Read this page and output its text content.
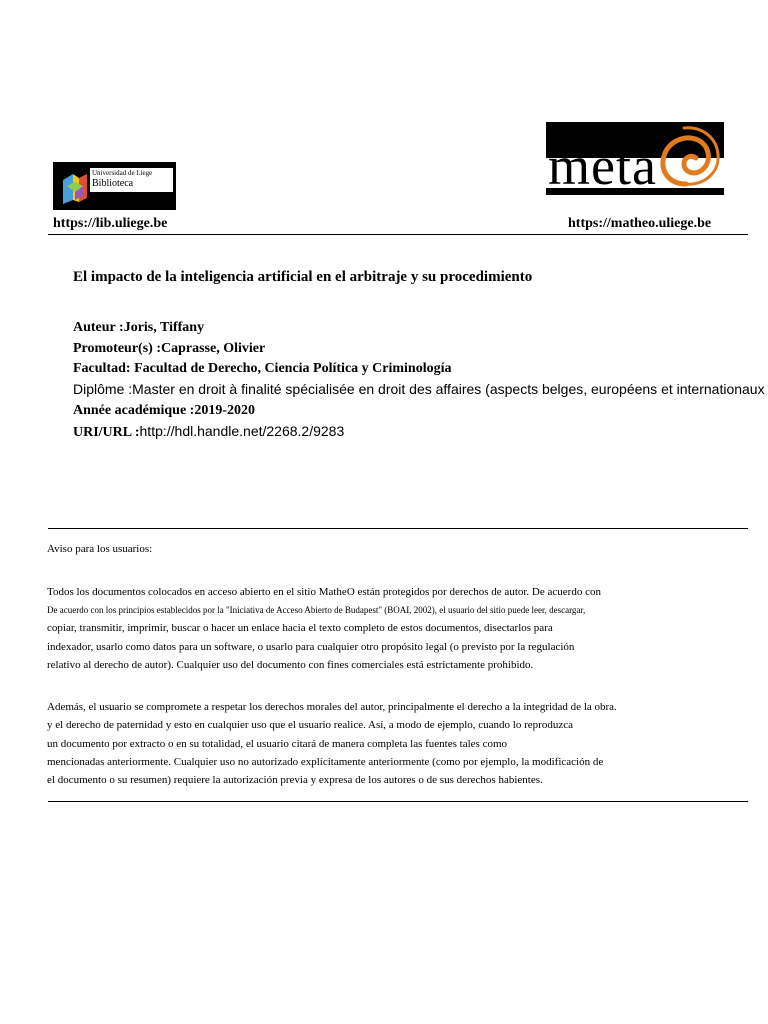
Universidad de Liege
Biblioteca	meta
https://lib.uliege.be	https://matheo.uliege.be
El impacto de la inteligencia artificial en el arbitraje y su procedimiento
Auteur :Joris, Tiffany
Promoteur(s) :Caprasse, Olivier
Facultad: Facultad de Derecho, Ciencia Política y Criminología
Diplôme :Master en droit à finalité spécialisée en droit des affaires (aspects belges, européens et internationaux
Année académique :2019-2020
URI/URL :http://hdl.handle.net/2268.2/9283
Aviso para los usuarios:
Todos los documentos colocados en acceso abierto en el sitio MatheO están protegidos por derechos de autor. De acuerdo con
De acuerdo con los principios establecidos por la "Iniciativa de Acceso Abierto de Budapest" (BOAI, 2002), el usuario del sitio puede leer, descargar,
copiar, transmitir, imprimir, buscar o hacer un enlace hacia el texto completo de estos documentos, disectarlos para
indexador, usarlo como datos para un software, o usarlo para cualquier otro propósito legal (o previsto por la regulación
relativo al derecho de autor). Cualquier uso del documento con fines comerciales está estrictamente prohibido.
Además, el usuario se compromete a respetar los derechos morales del autor, principalmente el derecho a la integridad de la obra.
y el derecho de paternidad y esto en cualquier uso que el usuario realice. Así, a modo de ejemplo, cuando lo reproduzca
un documento por extracto o en su totalidad, el usuario citará de manera completa las fuentes tales como
mencionadas anteriormente. Cualquier uso no autorizado explícitamente anteriormente (como por ejemplo, la modificación de
el documento o su resumen) requiere la autorización previa y expresa de los autores o de sus derechos habientes.
